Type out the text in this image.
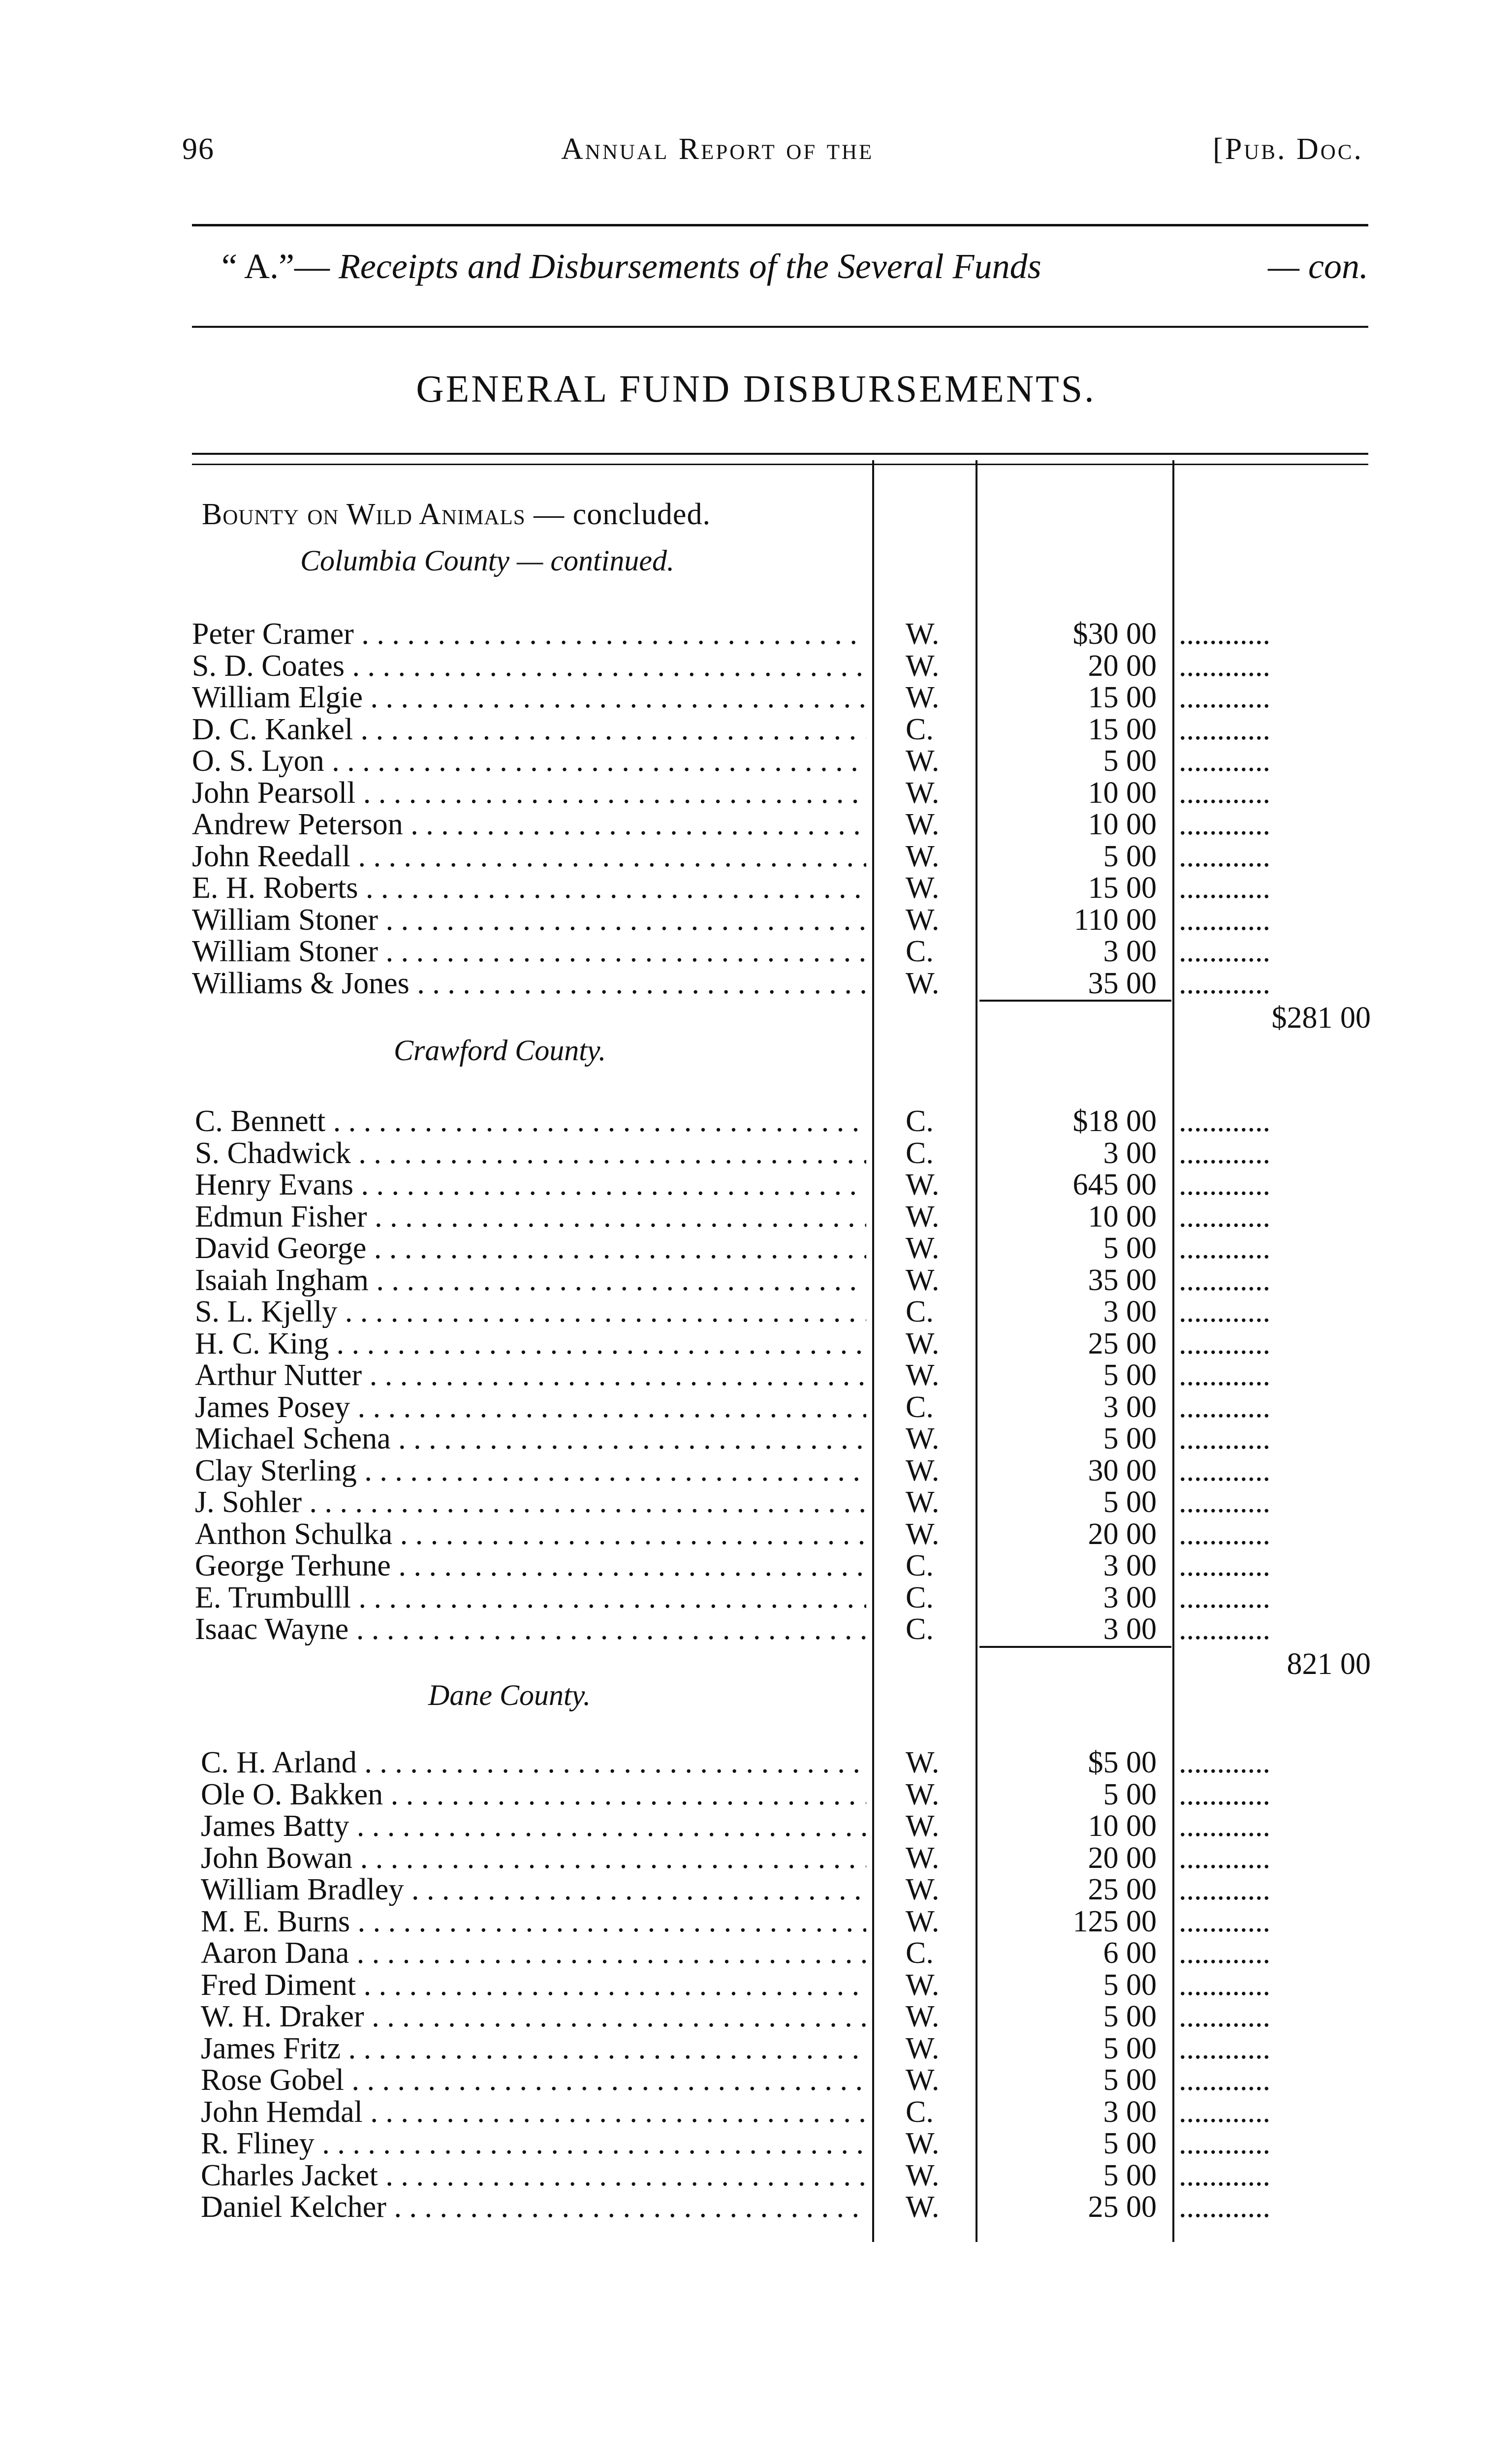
96	Annual Report of the	[Pub. Doc.
“ A.”— Receipts and Disbursements of the Several Funds	— con.
GENERAL FUND DISBURSEMENTS.
Bounty on Wild Animals — concluded.
Columbia County — continued.
Peter Cramer . . .	W.	$30 00 ............
S. D. Coates . . .	W.	20 00 ............
William Elgie . . .	W.	15 00 ............
D. C. Kankel . . .	C.	15 00 ............
O. S. Lyon . . .	W.	5 00 ............
John Pearsoll . . .	W.	10 00 ............
Andrew Peterson . . .	W.	10 00 ............
John Reedall . . .	W.	5 00 ............
E. H. Roberts . . .	W.	15 00 ............
William Stoner . . .	W.	110 00 ............
William Stoner . . .	C.	3 00 ............
Williams & Jones . . .	W.	35 00 ............
$281 00
Crawford County.
C. Bennett . . .	C.	$18 00 ............
S. Chadwick . . .	C.	3 00 ............
Henry Evans . . .	W.	645 00 ............
Edmun Fisher . . .	W.	10 00 ............
David George . . .	W.	5 00 ............
Isaiah Ingham . . .	W.	35 00 ............
S. L. Kjelly . . .	C.	3 00 ............
H. C. King . . .	W.	25 00 ............
Arthur Nutter . . .	W.	5 00 ............
James Posey . . .	C.	3 00 ............
Michael Schena . . .	W.	5 00 ............
Clay Sterling . . .	W.	30 00 ............
J. Sohler . . .	W.	5 00 ............
Anthon Schulka . . .	W.	20 00 ............
George Terhune . . .	C.	3 00 ............
E. Trumbulll . . .	C.	3 00 ............
Isaac Wayne . . .	C.	3 00 ............
821 00
Dane County.
C. H. Arland . . .	W.	$5 00 ............
Ole O. Bakken . . .	W.	5 00 ............
James Batty . . .	W.	10 00 ............
John Bowan . . .	W.	20 00 ............
William Bradley . . .	W.	25 00 ............
M. E. Burns . . .	W.	125 00 ............
Aaron Dana . . .	C.	6 00 ............
Fred Diment . . .	W.	5 00 ............
W. H. Draker . . .	W.	5 00 ............
James Fritz . . .	W.	5 00 ............
Rose Gobel . . .	W.	5 00 ............
John Hemdal . . .	C.	3 00 ............
R. Fliney . . .	W.	5 00 ............
Charles Jacket . . .	W.	5 00 ............
Daniel Kelcher . . .	W.	25 00 ............
